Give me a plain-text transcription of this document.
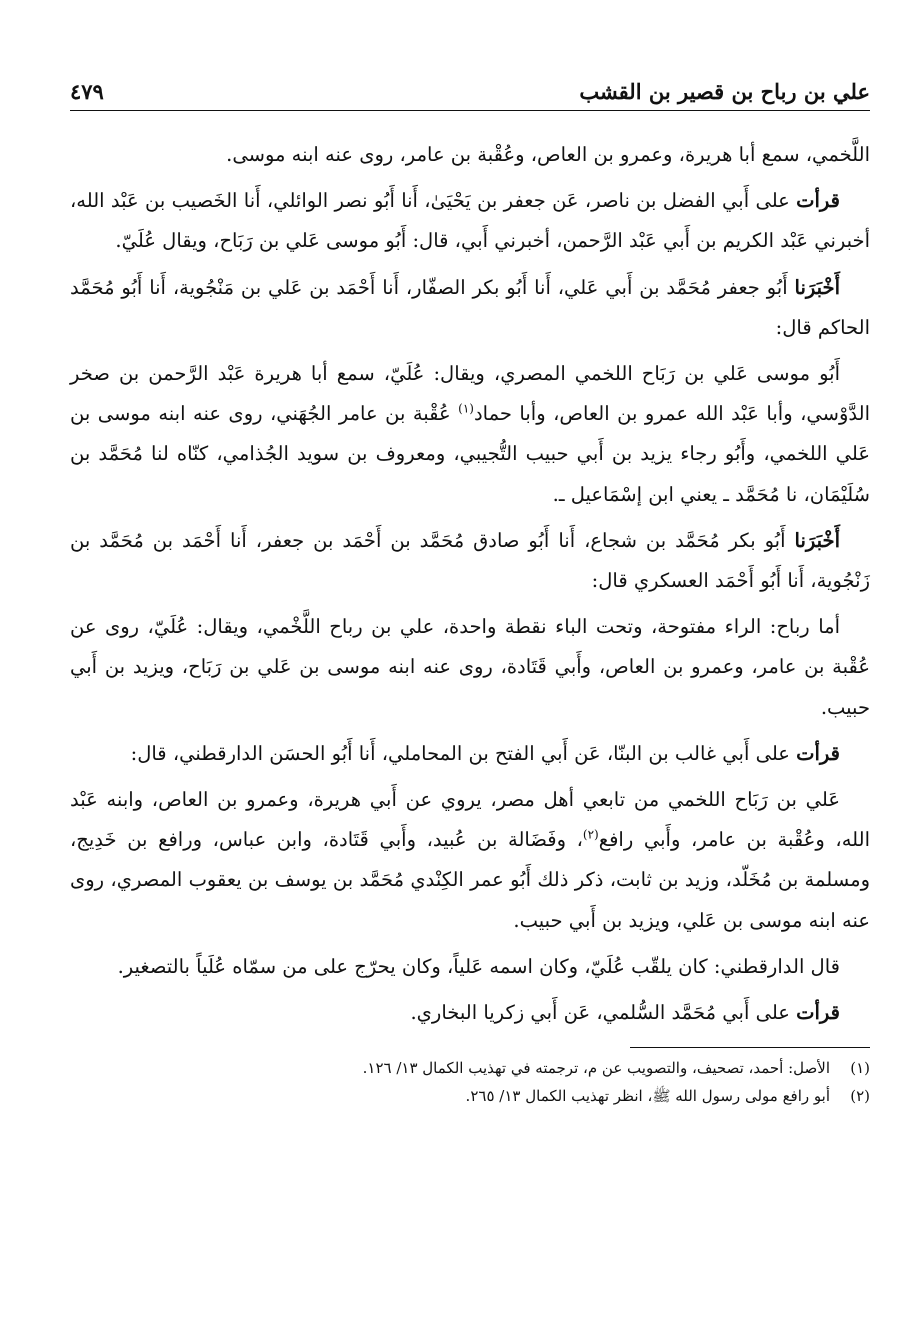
علي بن رباح بن قصير بن القشب
٤٧٩

اللَّخمي، سمع أبا هريرة، وعمرو بن العاص، وعُقْبة بن عامر، روى عنه ابنه موسى.

قرأت على أَبي الفضل بن ناصر، عَن جعفر بن يَحْيَىٰ، أَنا أَبُو نصر الوائلي، أَنا الخَصيب بن عَبْد الله، أخبرني عَبْد الكريم بن أَبي عَبْد الرَّحمن، أخبرني أَبي، قال: أَبُو موسى عَلي بن رَبَاح، ويقال عُلَيّ.

أَخْبَرَنا أَبُو جعفر مُحَمَّد بن أَبي عَلي، أَنا أَبُو بكر الصفّار، أَنا أَحْمَد بن عَلي بن مَنْجُوية، أَنا أَبُو مُحَمَّد الحاكم قال:

أَبُو موسى عَلي بن رَبَاح اللخمي المصري، ويقال: عُلَيّ، سمع أبا هريرة عَبْد الرَّحمن بن صخر الدَّوْسي، وأبا عَبْد الله عمرو بن العاص، وأبا حماد$^{(١)}$ عُقْبة بن عامر الجُهَني، روى عنه ابنه موسى بن عَلي اللخمي، وأَبُو رجاء يزيد بن أَبي حبيب التُّجيبي، ومعروف بن سويد الجُذامي، كنّاه لنا مُحَمَّد بن سُلَيْمَان، نا مُحَمَّد ـ يعني ابن إسْمَاعيل ـ.

أَخْبَرَنا أَبُو بكر مُحَمَّد بن شجاع، أَنا أَبُو صادق مُحَمَّد بن أَحْمَد بن جعفر، أَنا أَحْمَد بن مُحَمَّد بن زَنْجُوية، أَنا أَبُو أَحْمَد العسكري قال:

أما رباح: الراء مفتوحة، وتحت الباء نقطة واحدة، علي بن رباح اللَّخْمي، ويقال: عُلَيّ، روى عن عُقْبة بن عامر، وعمرو بن العاص، وأَبي قَتَادة، روى عنه ابنه موسى بن عَلي بن رَبَاح، ويزيد بن أَبي حبيب.

قرأت على أَبي غالب بن البنّا، عَن أَبي الفتح بن المحاملي، أَنا أَبُو الحسَن الدارقطني، قال:

عَلي بن رَبَاح اللخمي من تابعي أهل مصر، يروي عن أَبي هريرة، وعمرو بن العاص، وابنه عَبْد الله، وعُقْبة بن عامر، وأَبي رافع$^{(٢)}$، وفَضَالة بن عُبيد، وأَبي قَتَادة، وابن عباس، ورافع بن خَدِيج، ومسلمة بن مُخَلّد، وزيد بن ثابت، ذكر ذلك أَبُو عمر الكِنْدي مُحَمَّد بن يوسف بن يعقوب المصري، روى عنه ابنه موسى بن عَلي، ويزيد بن أَبي حبيب.

قال الدارقطني: كان يلقّب عُلَيّ، وكان اسمه عَلياً، وكان يحرّج على من سمّاه عُلَياً بالتصغير.

قرأت على أَبي مُحَمَّد السُّلمي، عَن أَبي زكريا البخاري.

(١)
الأصل: أحمد، تصحيف، والتصويب عن م، ترجمته في تهذيب الكمال ١٣/ ١٢٦.
(٢)
أبو رافع مولى رسول الله ﷺ، انظر تهذيب الكمال ١٣/ ٢٦٥.
